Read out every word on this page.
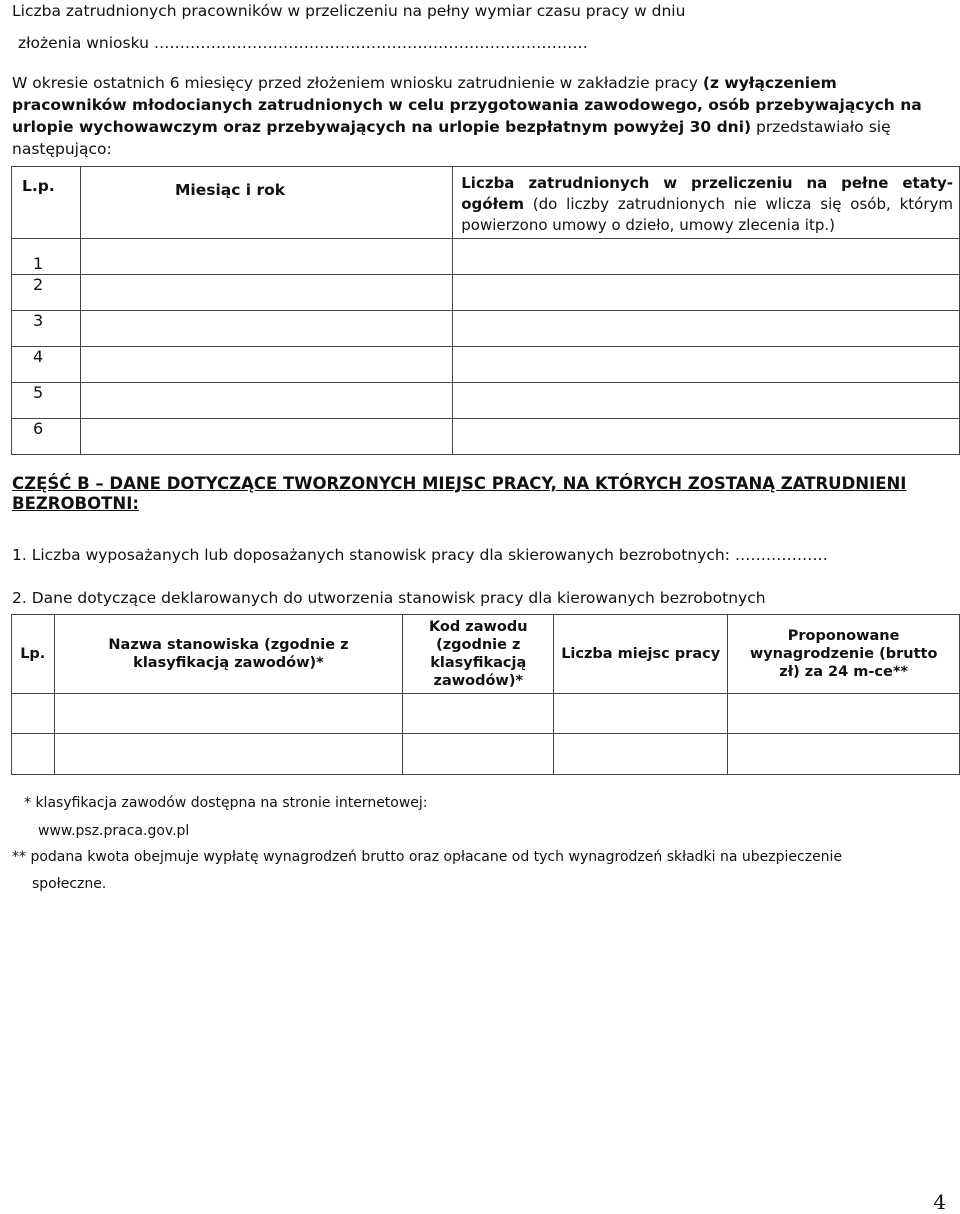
Liczba zatrudnionych pracowników w przeliczeniu na pełny wymiar czasu pracy w dniu
złożenia wniosku …………………………………………………………………………
W okresie ostatnich 6 miesięcy przed złożeniem wniosku zatrudnienie w zakładzie pracy (z wyłączeniem pracowników młodocianych zatrudnionych w celu przygotowania zawodowego, osób przebywających na urlopie wychowawczym oraz przebywających na urlopie bezpłatnym powyżej 30 dni) przedstawiało się następująco:
L.p.	Miesiąc i rok	Liczba zatrudnionych w przeliczeniu na pełne etaty-ogółem (do liczby zatrudnionych nie wlicza się osób, którym powierzono umowy o dzieło, umowy zlecenia itp.)

1		
2		
3		
4		
5		
6		
CZĘŚĆ B – DANE DOTYCZĄCE TWORZONYCH MIEJSC PRACY, NA KTÓRYCH ZOSTANĄ ZATRUDNIENI BEZROBOTNI:
1. Liczba wyposażanych lub doposażanych stanowisk pracy dla skierowanych bezrobotnych: ………………
2. Dane dotyczące deklarowanych do utworzenia stanowisk pracy dla kierowanych bezrobotnych
Lp.	Nazwa stanowiska (zgodnie z klasyfikacją zawodów)*	Kod zawodu (zgodnie z klasyfikacją zawodów)*	Liczba miejsc pracy	Proponowane wynagrodzenie (brutto zł) za 24 m-ce**

* klasyfikacja zawodów dostępna na stronie internetowej:
www.psz.praca.gov.pl
** podana kwota obejmuje wypłatę wynagrodzeń brutto oraz opłacane od tych wynagrodzeń składki na ubezpieczenie
społeczne.
4
